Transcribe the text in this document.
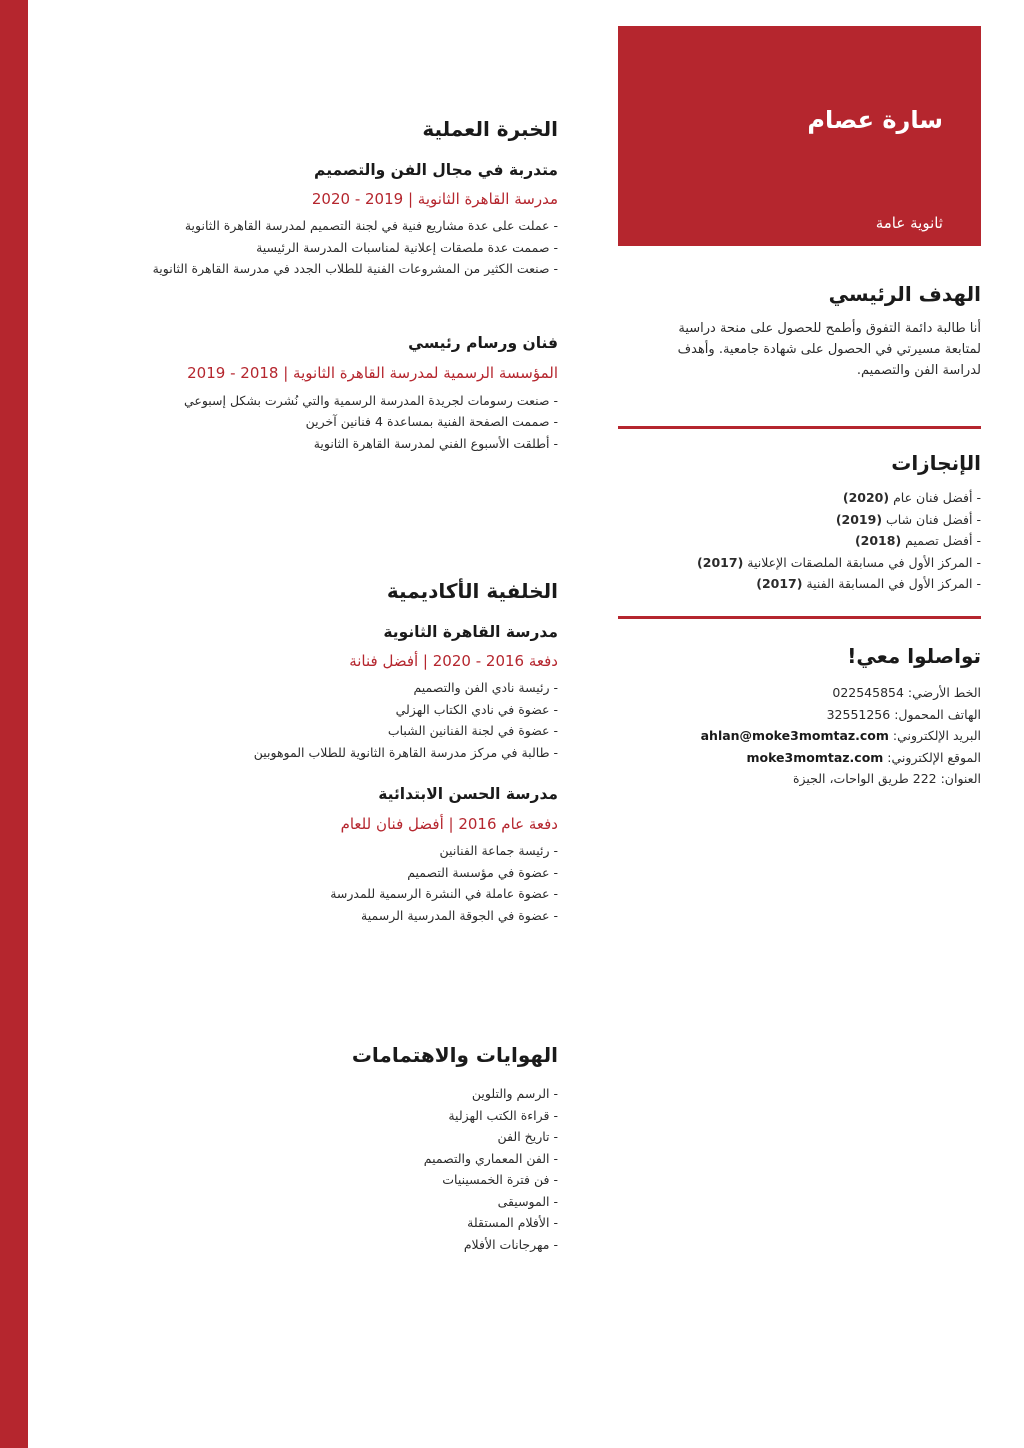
سارة عصام
ثانوية عامة
الهدف الرئيسي
أنا طالبة دائمة التفوق وأطمح للحصول على منحة دراسية
لمتابعة مسيرتي في الحصول على شهادة جامعية. وأهدف
لدراسة الفن والتصميم.
الإنجازات
- أفضل فنان عام (2020)
- أفضل فنان شاب (2019)
- أفضل تصميم (2018)
- المركز الأول في مسابقة الملصقات الإعلانية (2017)
- المركز الأول في المسابقة الفنية (2017)
تواصلوا معي!
الخط الأرضي: 022545854
الهاتف المحمول: 32551256
البريد الإلكتروني: ahlan@moke3momtaz.com
الموقع الإلكتروني: moke3momtaz.com
العنوان: 222 طريق الواحات، الجيزة
الخبرة العملية
متدربة في مجال الفن والتصميم
مدرسة القاهرة الثانوية | 2019 - 2020
- عملت على عدة مشاريع فنية في لجنة التصميم لمدرسة القاهرة الثانوية
- صممت عدة ملصقات إعلانية لمناسبات المدرسة الرئيسية
- صنعت الكثير من المشروعات الفنية للطلاب الجدد في مدرسة القاهرة الثانوية
فنان ورسام رئيسي
المؤسسة الرسمية لمدرسة القاهرة الثانوية | 2018 - 2019
- صنعت رسومات لجريدة المدرسة الرسمية والتي نُشرت بشكل إسبوعي
- صممت الصفحة الفنية بمساعدة 4 فنانين آخرين
- أطلقت الأسبوع الفني لمدرسة القاهرة الثانوية
الخلفية الأكاديمية
مدرسة القاهرة الثانوية
دفعة 2016 - 2020 | أفضل فنانة
- رئيسة نادي الفن والتصميم
- عضوة في نادي الكتاب الهزلي
- عضوة في لجنة الفنانين الشباب
- طالبة في مركز مدرسة القاهرة الثانوية للطلاب الموهوبين
مدرسة الحسن الابتدائية
دفعة عام 2016 | أفضل فنان للعام
- رئيسة جماعة الفنانين
- عضوة في مؤسسة التصميم
- عضوة عاملة في النشرة الرسمية للمدرسة
- عضوة في الجوقة المدرسية الرسمية
الهوايات والاهتمامات
- الرسم والتلوين
- قراءة الكتب الهزلية
- تاريخ الفن
- الفن المعماري والتصميم
- فن فترة الخمسينيات
- الموسيقى
- الأفلام المستقلة
- مهرجانات الأفلام
